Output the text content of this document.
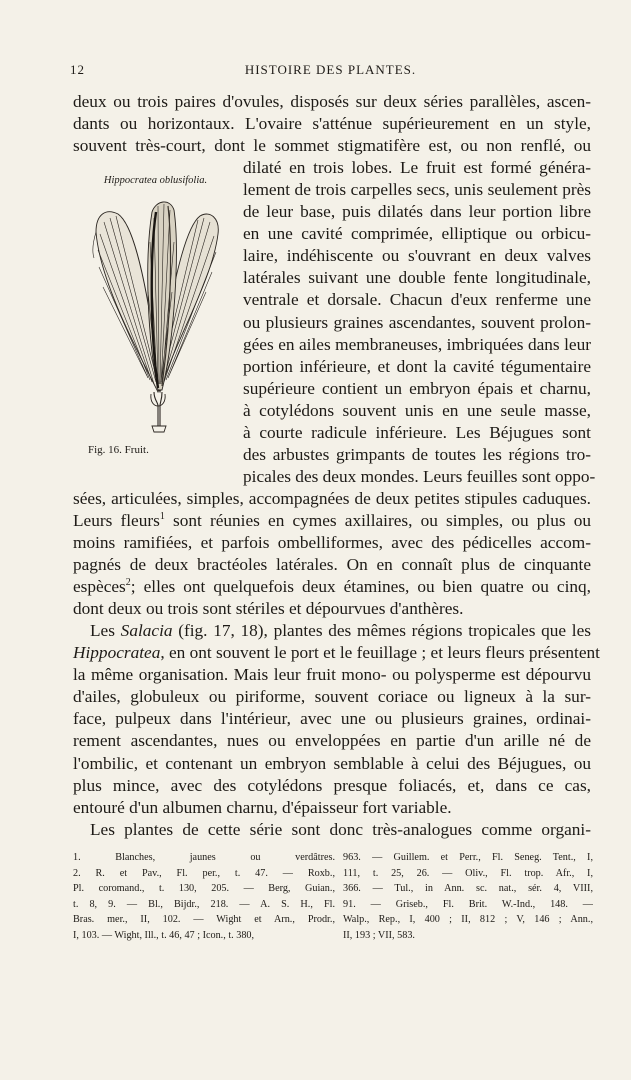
12	HISTOIRE DES PLANTES.
deux ou trois paires d'ovules, disposés sur deux séries parallèles, ascen-
dants ou horizontaux. L'ovaire s'atténue supérieurement en un style,
souvent très-court, dont le sommet stigmatifère est, ou non renflé, ou
dilaté en trois lobes. Le fruit est formé généra-
lement de trois carpelles secs, unis seulement près
de leur base, puis dilatés dans leur portion libre
en une cavité comprimée, elliptique ou orbicu-
laire, indéhiscente ou s'ouvrant en deux valves
latérales suivant une double fente longitudinale,
ventrale et dorsale. Chacun d'eux renferme une
ou plusieurs graines ascendantes, souvent prolon-
gées en ailes membraneuses, imbriquées dans leur
portion inférieure, et dont la cavité tégumentaire
supérieure contient un embryon épais et charnu,
à cotylédons souvent unis en une seule masse,
à courte radicule inférieure. Les Béjugues sont
des arbustes grimpants de toutes les régions tro-
picales des deux mondes. Leurs feuilles sont oppo-
sées, articulées, simples, accompagnées de deux petites stipules caduques.
Leurs fleurs$^1$ sont réunies en cymes axillaires, ou simples, ou plus ou
moins ramifiées, et parfois ombelliformes, avec des pédicelles accom-
pagnés de deux bractéoles latérales. On en connaît plus de cinquante
espèces$^2$; elles ont quelquefois deux étamines, ou bien quatre ou cinq,
dont deux ou trois sont stériles et dépourvues d'anthères.
Les Salacia (fig. 17, 18), plantes des mêmes régions tropicales que les
Hippocratea, en ont souvent le port et le feuillage ; et leurs fleurs présentent
la même organisation. Mais leur fruit mono- ou polysperme est dépourvu
d'ailes, globuleux ou piriforme, souvent coriace ou ligneux à la sur-
face, pulpeux dans l'intérieur, avec une ou plusieurs graines, ordinai-
rement ascendantes, nues ou enveloppées en partie d'un arille né de
l'ombilic, et contenant un embryon semblable à celui des Béjugues, ou
plus mince, avec des cotylédons presque foliacés, et, dans ce cas,
entouré d'un albumen charnu, d'épaisseur fort variable.
Les plantes de cette série sont donc très-analogues comme organi-
Hippocratea oblusifolia.
Fig. 16. Fruit.
1. Blanches, jaunes ou verdâtres.
2. R. et Pav., Fl. per., t. 47. — Roxb.,
Pl. coromand., t. 130, 205. — Berg, Guian.,
t. 8, 9. — Bl., Bijdr., 218. — A. S. H., Fl.
Bras. mer., II, 102. — Wight et Arn., Prodr.,
I, 103. — Wight, Ill., t. 46, 47 ; Icon., t. 380,
963. — Guillem. et Perr., Fl. Seneg. Tent., I,
111, t. 25, 26. — Oliv., Fl. trop. Afr., I,
366. — Tul., in Ann. sc. nat., sér. 4, VIII,
91. — Griseb., Fl. Brit. W.-Ind., 148. —
Walp., Rep., I, 400 ; II, 812 ; V, 146 ; Ann.,
II, 193 ; VII, 583.
